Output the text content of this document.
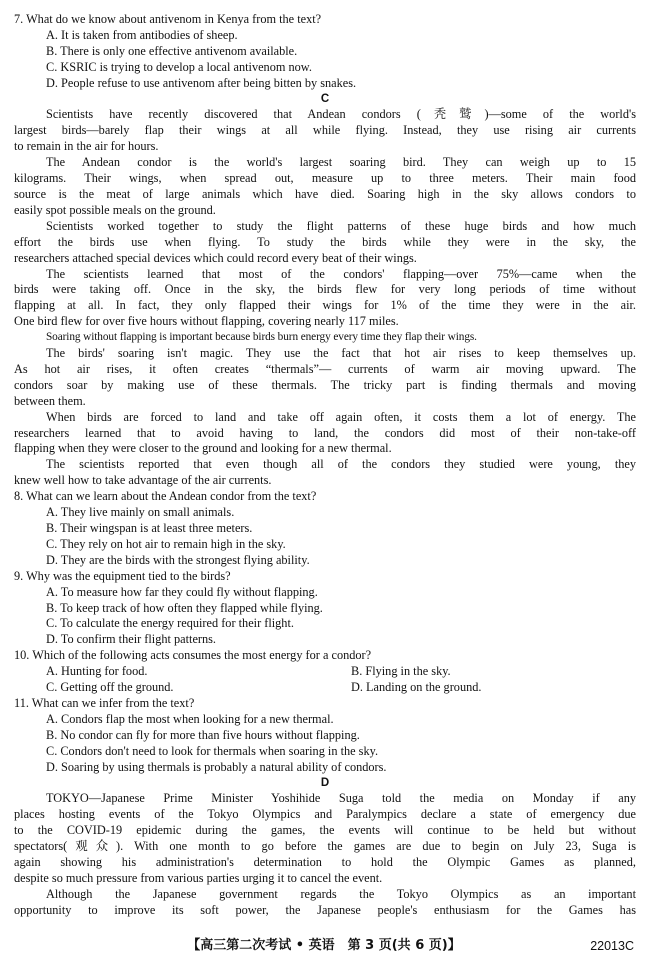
7. What do we know about antivenom in Kenya from the text?
A. It is taken from antibodies of sheep.
B. There is only one effective antivenom available.
C. KSRIC is trying to develop a local antivenom now.
D. People refuse to use antivenom after being bitten by snakes.
C
Scientists have recently discovered that Andean condors (秃鹫)—some of the world's
largest birds—barely flap their wings at all while flying. Instead, they use rising air currents
to remain in the air for hours.
The Andean condor is the world's largest soaring bird. They can weigh up to 15
kilograms. Their wings, when spread out, measure up to three meters. Their main food
source is the meat of large animals which have died. Soaring high in the sky allows condors to
easily spot possible meals on the ground.
Scientists worked together to study the flight patterns of these huge birds and how much
effort the birds use when flying. To study the birds while they were in the sky, the
researchers attached special devices which could record every beat of their wings.
The scientists learned that most of the condors' flapping—over 75%—came when the
birds were taking off. Once in the sky, the birds flew for very long periods of time without
flapping at all. In fact, they only flapped their wings for 1% of the time they were in the air.
One bird flew for over five hours without flapping, covering nearly 117 miles.
Soaring without flapping is important because birds burn energy every time they flap their wings.
The birds' soaring isn't magic. They use the fact that hot air rises to keep themselves up.
As hot air rises, it often creates “thermals”— currents of warm air moving upward. The
condors soar by making use of these thermals. The tricky part is finding thermals and moving
between them.
When birds are forced to land and take off again often, it costs them a lot of energy. The
researchers learned that to avoid having to land, the condors did most of their non-take-off
flapping when they were closer to the ground and looking for a new thermal.
The scientists reported that even though all of the condors they studied were young, they
knew well how to take advantage of the air currents.
8. What can we learn about the Andean condor from the text?
A. They live mainly on small animals.
B. Their wingspan is at least three meters.
C. They rely on hot air to remain high in the sky.
D. They are the birds with the strongest flying ability.
9. Why was the equipment tied to the birds?
A. To measure how far they could fly without flapping.
B. To keep track of how often they flapped while flying.
C. To calculate the energy required for their flight.
D. To confirm their flight patterns.
10. Which of the following acts consumes the most energy for a condor?
A. Hunting for food.	B. Flying in the sky.
C. Getting off the ground.	D. Landing on the ground.
11. What can we infer from the text?
A. Condors flap the most when looking for a new thermal.
B. No condor can fly for more than five hours without flapping.
C. Condors don't need to look for thermals when soaring in the sky.
D. Soaring by using thermals is probably a natural ability of condors.
D
TOKYO—Japanese Prime Minister Yoshihide Suga told the media on Monday if any
places hosting events of the Tokyo Olympics and Paralympics declare a state of emergency due
to the COVID-19 epidemic during the games, the events will continue to be held but without
spectators(观众). With one month to go before the games are due to begin on July 23, Suga is
again showing his administration's determination to hold the Olympic Games as planned,
despite so much pressure from various parties urging it to cancel the event.
Although the Japanese government regards the Tokyo Olympics as an important
opportunity to improve its soft power, the Japanese people's enthusiasm for the Games has
【高三第二次考试 • 英语　第 3 页(共 6 页)】	22013C
